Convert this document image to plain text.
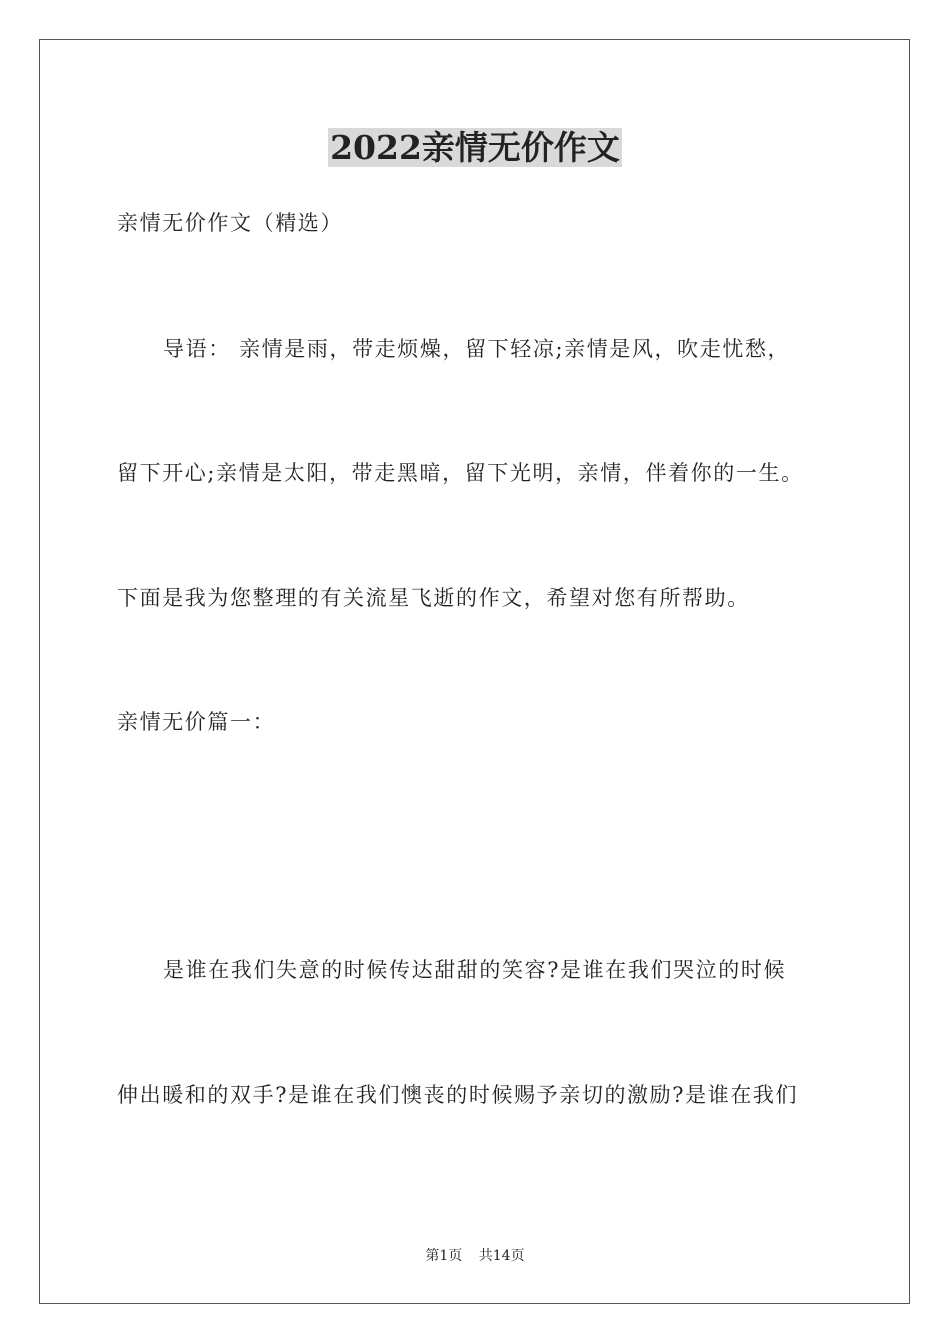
2022亲情无价作文

亲情无价作文（精选）

导语： 亲情是雨，带走烦燥，留下轻凉;亲情是风，吹走忧愁，

留下开心;亲情是太阳，带走黑暗，留下光明，亲情，伴着你的一生。

下面是我为您整理的有关流星飞逝的作文，希望对您有所帮助。

亲情无价篇一：

是谁在我们失意的时候传达甜甜的笑容?是谁在我们哭泣的时候

伸出暖和的双手?是谁在我们懊丧的时候赐予亲切的激励?是谁在我们

第1页 共14页
